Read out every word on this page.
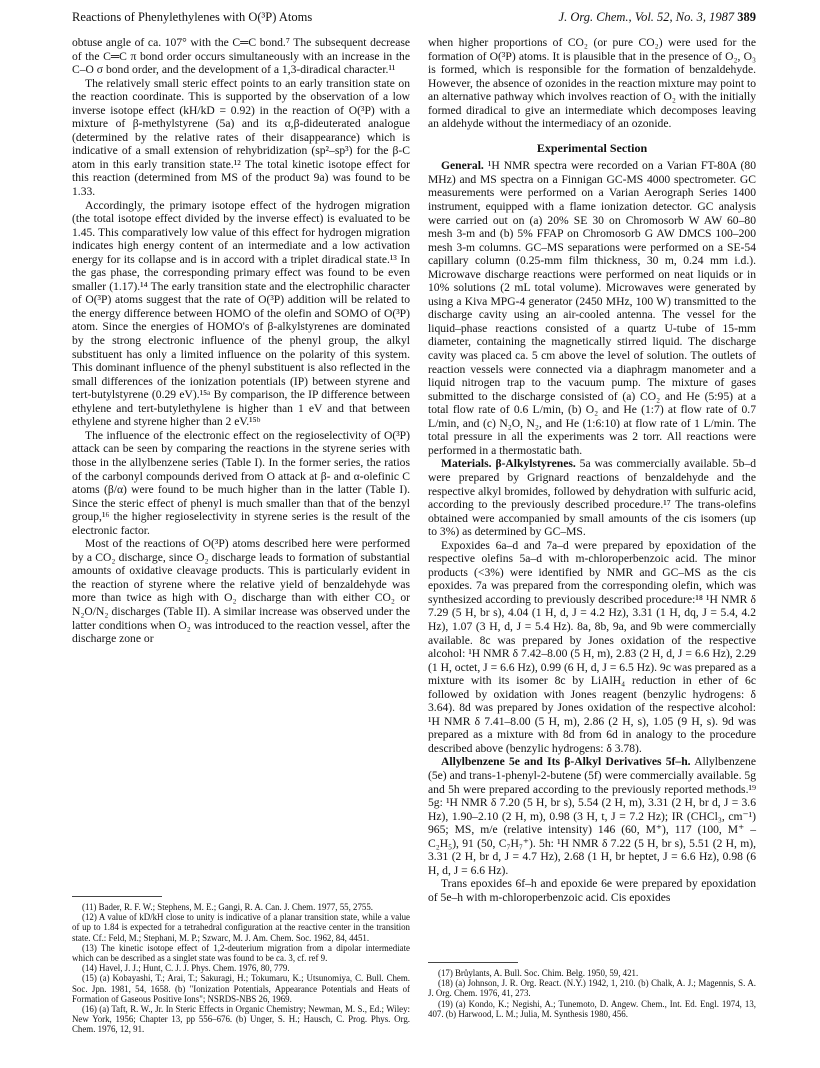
Reactions of Phenylethylenes with O(³P) Atoms	J. Org. Chem., Vol. 52, No. 3, 1987 389

obtuse angle of ca. 107° with the C═C bond.⁷ The subsequent decrease of the C═C π bond order occurs simultaneously with an increase in the C–O σ bond order, and the development of a 1,3-diradical character.¹¹

The relatively small steric effect points to an early transition state on the reaction coordinate. This is supported by the observation of a low inverse isotope effect (kH/kD = 0.92) in the reaction of O(³P) with a mixture of β-methylstyrene (5a) and its α,β-dideuterated analogue (determined by the relative rates of their disappearance) which is indicative of a small extension of rehybridization (sp²–sp³) for the β-C atom in this early transition state.¹² The total kinetic isotope effect for this reaction (determined from MS of the product 9a) was found to be 1.33.

Accordingly, the primary isotope effect of the hydrogen migration (the total isotope effect divided by the inverse effect) is evaluated to be 1.45. This comparatively low value of this effect for hydrogen migration indicates high energy content of an intermediate and a low activation energy for its collapse and is in accord with a triplet diradical state.¹³ In the gas phase, the corresponding primary effect was found to be even smaller (1.17).¹⁴ The early transition state and the electrophilic character of O(³P) atoms suggest that the rate of O(³P) addition will be related to the energy difference between HOMO of the olefin and SOMO of O(³P) atom. Since the energies of HOMO's of β-alkylstyrenes are dominated by the strong electronic influence of the phenyl group, the alkyl substituent has only a limited influence on the polarity of this system. This dominant influence of the phenyl substituent is also reflected in the small differences of the ionization potentials (IP) between styrene and tert-butylstyrene (0.29 eV).¹⁵ᵃ By comparison, the IP difference between ethylene and tert-butylethylene is higher than 1 eV and that between ethylene and styrene higher than 2 eV.¹⁵ᵇ

The influence of the electronic effect on the regioselectivity of O(³P) attack can be seen by comparing the reactions in the styrene series with those in the allylbenzene series (Table I). In the former series, the ratios of the carbonyl compounds derived from O attack at β- and α-olefinic C atoms (β/α) were found to be much higher than in the latter (Table I). Since the steric effect of phenyl is much smaller than that of the benzyl group,¹⁶ the higher regioselectivity in styrene series is the result of the electronic factor.

Most of the reactions of O(³P) atoms described here were performed by a CO₂ discharge, since O₂ discharge leads to formation of substantial amounts of oxidative cleavage products. This is particularly evident in the reaction of styrene where the relative yield of benzaldehyde was more than twice as high with O₂ discharge than with either CO₂ or N₂O/N₂ discharges (Table II). A similar increase was observed under the latter conditions when O₂ was introduced to the reaction vessel, after the discharge zone or

(11) Bader, R. F. W.; Stephens, M. E.; Gangi, R. A. Can. J. Chem. 1977, 55, 2755.

(12) A value of kD/kH close to unity is indicative of a planar transition state, while a value of up to 1.84 is expected for a tetrahedral configuration at the reactive center in the transition state. Cf.: Feld, M.; Stephani, M. P.; Szwarc, M. J. Am. Chem. Soc. 1962, 84, 4451.

(13) The kinetic isotope effect of 1,2-deuterium migration from a dipolar intermediate which can be described as a singlet state was found to be ca. 3, cf. ref 9.

(14) Havel, J. J.; Hunt, C. J. J. Phys. Chem. 1976, 80, 779.

(15) (a) Kobayashi, T.; Arai, T.; Sakuragi, H.; Tokumaru, K.; Utsunomiya, C. Bull. Chem. Soc. Jpn. 1981, 54, 1658. (b) "Ionization Potentials, Appearance Potentials and Heats of Formation of Gaseous Positive Ions"; NSRDS-NBS 26, 1969.

(16) (a) Taft, R. W., Jr. In Steric Effects in Organic Chemistry; Newman, M. S., Ed.; Wiley: New York, 1956; Chapter 13, pp 556–676. (b) Unger, S. H.; Hausch, C. Prog. Phys. Org. Chem. 1976, 12, 91.

when higher proportions of CO₂ (or pure CO₂) were used for the formation of O(³P) atoms. It is plausible that in the presence of O₂, O₃ is formed, which is responsible for the formation of benzaldehyde. However, the absence of ozonides in the reaction mixture may point to an alternative pathway which involves reaction of O₂ with the initially formed diradical to give an intermediate which decomposes leaving an aldehyde without the intermediacy of an ozonide.

Experimental Section

General. ¹H NMR spectra were recorded on a Varian FT-80A (80 MHz) and MS spectra on a Finnigan GC-MS 4000 spectrometer. GC measurements were performed on a Varian Aerograph Series 1400 instrument, equipped with a flame ionization detector. GC analysis were carried out on (a) 20% SE 30 on Chromosorb W AW 60–80 mesh 3-m and (b) 5% FFAP on Chromosorb G AW DMCS 100–200 mesh 3-m columns. GC–MS separations were performed on a SE-54 capillary column (0.25-mm film thickness, 30 m, 0.24 mm i.d.). Microwave discharge reactions were performed on neat liquids or in 10% solutions (2 mL total volume). Microwaves were generated by using a Kiva MPG-4 generator (2450 MHz, 100 W) transmitted to the discharge cavity using an air-cooled antenna. The vessel for the liquid–phase reactions consisted of a quartz U-tube of 15-mm diameter, containing the magnetically stirred liquid. The discharge cavity was placed ca. 5 cm above the level of solution. The outlets of reaction vessels were connected via a diaphragm manometer and a liquid nitrogen trap to the vacuum pump. The mixture of gases submitted to the discharge consisted of (a) CO₂ and He (5:95) at a total flow rate of 0.6 L/min, (b) O₂ and He (1:7) at flow rate of 0.7 L/min, and (c) N₂O, N₂, and He (1:6:10) at flow rate of 1 L/min. The total pressure in all the experiments was 2 torr. All reactions were performed in a thermostatic bath.

Materials. β-Alkylstyrenes. 5a was commercially available. 5b–d were prepared by Grignard reactions of benzaldehyde and the respective alkyl bromides, followed by dehydration with sulfuric acid, according to the previously described procedure.¹⁷ The trans-olefins obtained were accompanied by small amounts of the cis isomers (up to 3%) as determined by GC–MS.

Expoxides 6a–d and 7a–d were prepared by epoxidation of the respective olefins 5a–d with m-chloroperbenzoic acid. The minor products (<3%) were identified by NMR and GC–MS as the cis epoxides. 7a was prepared from the corresponding olefin, which was synthesized according to previously described procedure:¹⁸ ¹H NMR δ 7.29 (5 H, br s), 4.04 (1 H, d, J = 4.2 Hz), 3.31 (1 H, dq, J = 5.4, 4.2 Hz), 1.07 (3 H, d, J = 5.4 Hz). 8a, 8b, 9a, and 9b were commercially available. 8c was prepared by Jones oxidation of the respective alcohol: ¹H NMR δ 7.42–8.00 (5 H, m), 2.83 (2 H, d, J = 6.6 Hz), 2.29 (1 H, octet, J = 6.6 Hz), 0.99 (6 H, d, J = 6.5 Hz). 9c was prepared as a mixture with its isomer 8c by LiAlH₄ reduction in ether of 6c followed by oxidation with Jones reagent (benzylic hydrogens: δ 3.64). 8d was prepared by Jones oxidation of the respective alcohol: ¹H NMR δ 7.41–8.00 (5 H, m), 2.86 (2 H, s), 1.05 (9 H, s). 9d was prepared as a mixture with 8d from 6d in analogy to the procedure described above (benzylic hydrogens: δ 3.78).

Allylbenzene 5e and Its β-Alkyl Derivatives 5f–h. Allylbenzene (5e) and trans-1-phenyl-2-butene (5f) were commercially available. 5g and 5h were prepared according to the previously reported methods.¹⁹ 5g: ¹H NMR δ 7.20 (5 H, br s), 5.54 (2 H, m), 3.31 (2 H, br d, J = 3.6 Hz), 1.90–2.10 (2 H, m), 0.98 (3 H, t, J = 7.2 Hz); IR (CHCl₃, cm⁻¹) 965; MS, m/e (relative intensity) 146 (60, M⁺), 117 (100, M⁺ – C₂H₅), 91 (50, C₇H₇⁺). 5h: ¹H NMR δ 7.22 (5 H, br s), 5.51 (2 H, m), 3.31 (2 H, br d, J = 4.7 Hz), 2.68 (1 H, br heptet, J = 6.6 Hz), 0.98 (6 H, d, J = 6.6 Hz).

Trans epoxides 6f–h and epoxide 6e were prepared by epoxidation of 5e–h with m-chloroperbenzoic acid. Cis epoxides

(17) Brůylants, A. Bull. Soc. Chim. Belg. 1950, 59, 421.

(18) (a) Johnson, J. R. Org. React. (N.Y.) 1942, 1, 210. (b) Chalk, A. J.; Magennis, S. A. J. Org. Chem. 1976, 41, 273.

(19) (a) Kondo, K.; Negishi, A.; Tunemoto, D. Angew. Chem., Int. Ed. Engl. 1974, 13, 407. (b) Harwood, L. M.; Julia, M. Synthesis 1980, 456.
